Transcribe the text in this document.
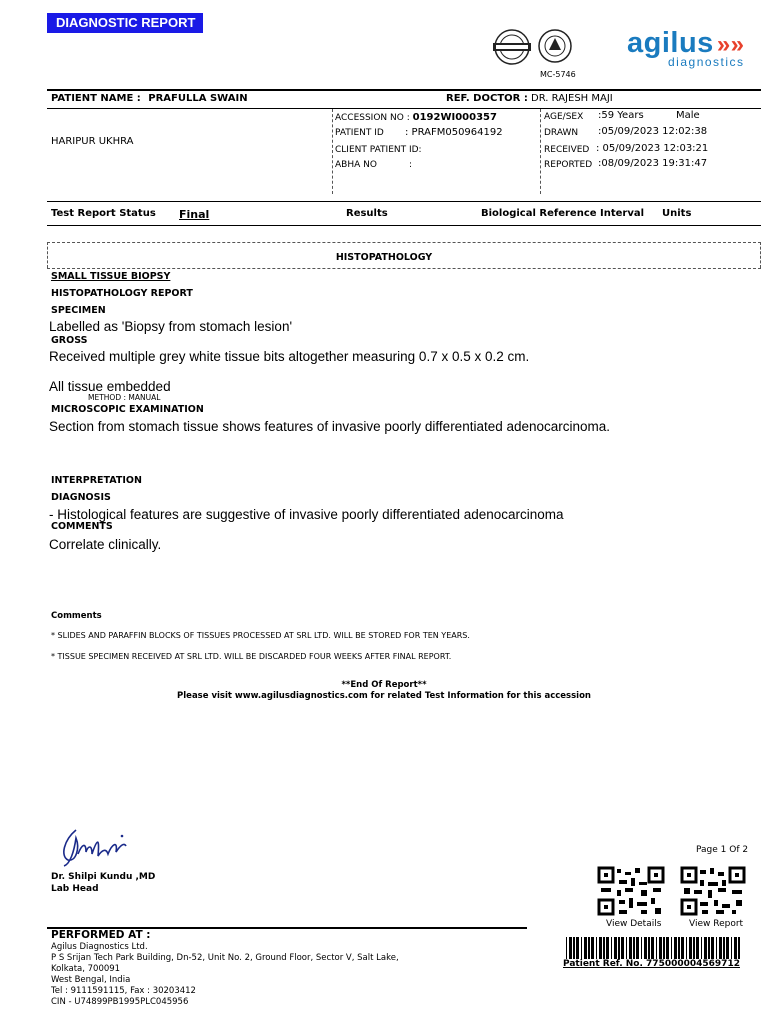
DIAGNOSTIC REPORT
MC-5746
agilus »»
diagnostics
PATIENT NAME : PRAFULLA SWAIN	REF. DOCTOR : DR. RAJESH MAJI
HARIPUR UKHRA
ACCESSION NO : 0192WI000357
PATIENT ID : PRAFM050964192
CLIENT PATIENT ID:
ABHA NO	:
AGE/SEX :59 Years	Male
DRAWN :05/09/2023 12:02:38
RECEIVED : 05/09/2023 12:03:21
REPORTED :08/09/2023 19:31:47
Test Report Status Final	Results	Biological Reference Interval Units
HISTOPATHOLOGY
SMALL TISSUE BIOPSY
HISTOPATHOLOGY REPORT
SPECIMEN
Labelled as 'Biopsy from stomach lesion'
GROSS
Received multiple grey white tissue bits altogether measuring 0.7 x 0.5 x 0.2 cm.
All tissue embedded
METHOD : MANUAL
MICROSCOPIC EXAMINATION
Section from stomach tissue shows features of invasive poorly differentiated adenocarcinoma.
INTERPRETATION
DIAGNOSIS
- Histological features are suggestive of invasive poorly differentiated adenocarcinoma
COMMENTS
Correlate clinically.
Comments
* SLIDES AND PARAFFIN BLOCKS OF TISSUES PROCESSED AT SRL LTD. WILL BE STORED FOR TEN YEARS.
* TISSUE SPECIMEN RECEIVED AT SRL LTD. WILL BE DISCARDED FOUR WEEKS AFTER FINAL REPORT.
**End Of Report**
Please visit www.agilusdiagnostics.com for related Test Information for this accession
Dr. Shilpi Kundu ,MD
Lab Head
Page 1 Of 2
View Details	View Report
PERFORMED AT :
Agilus Diagnostics Ltd.
P S Srijan Tech Park Building, Dn-52, Unit No. 2, Ground Floor, Sector V, Salt Lake,
Kolkata, 700091
West Bengal, India
Tel : 9111591115, Fax : 30203412
CIN - U74899PB1995PLC045956
Patient Ref. No. 775000004569712
